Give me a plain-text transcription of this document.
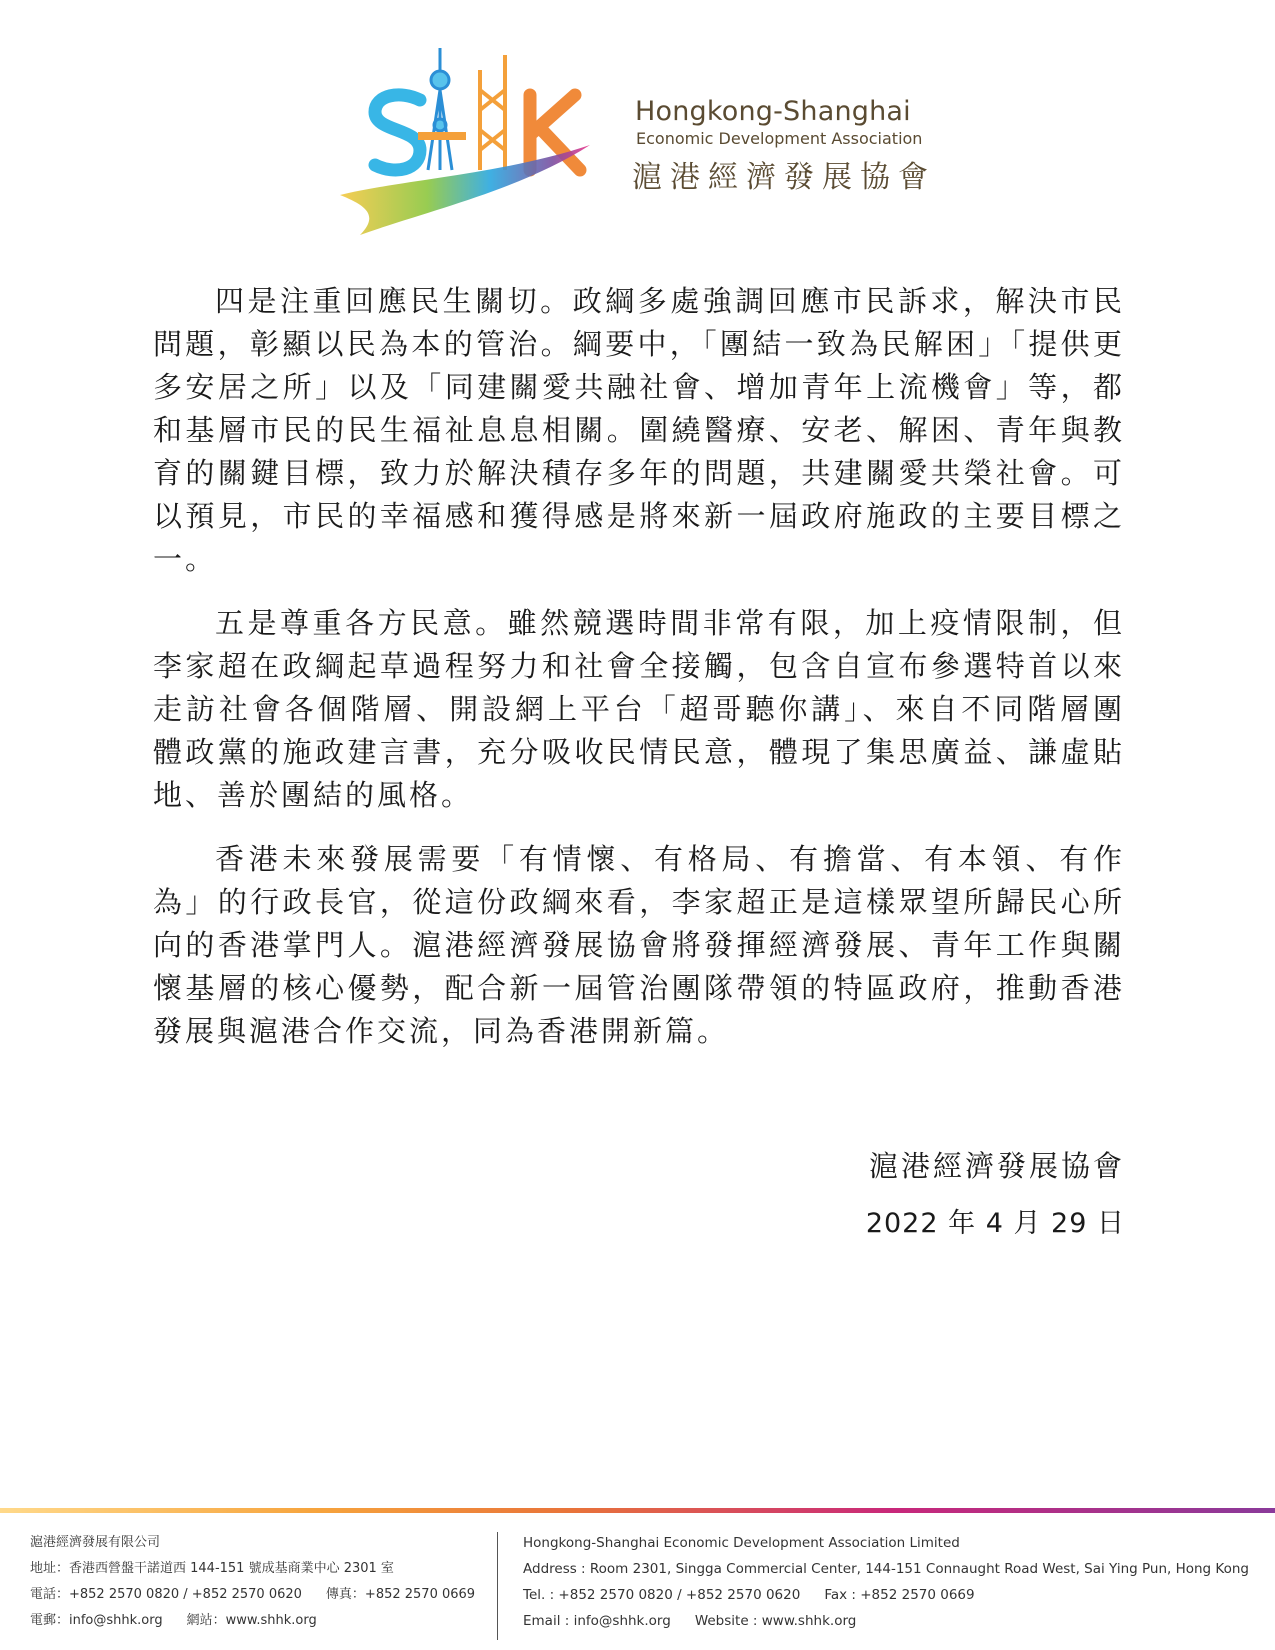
Hongkong-Shanghai
Economic Development Association
滬港經濟發展協會

四是注重回應民生關切。政綱多處強調回應市民訴求，解決市民問題，彰顯以民為本的管治。綱要中，「團結一致為民解困」「提供更多安居之所」以及「同建關愛共融社會、增加青年上流機會」等，都和基層市民的民生福祉息息相關。圍繞醫療、安老、解困、青年與教育的關鍵目標，致力於解決積存多年的問題，共建關愛共榮社會。可以預見，市民的幸福感和獲得感是將來新一屆政府施政的主要目標之一。

五是尊重各方民意。雖然競選時間非常有限，加上疫情限制，但李家超在政綱起草過程努力和社會全接觸，包含自宣布參選特首以來走訪社會各個階層、開設網上平台「超哥聽你講」、來自不同階層團體政黨的施政建言書，充分吸收民情民意，體現了集思廣益、謙虛貼地、善於團結的風格。

香港未來發展需要「有情懷、有格局、有擔當、有本領、有作為」的行政長官，從這份政綱來看，李家超正是這樣眾望所歸民心所向的香港掌門人。滬港經濟發展協會將發揮經濟發展、青年工作與關懷基層的核心優勢，配合新一屆管治團隊帶領的特區政府，推動香港發展與滬港合作交流，同為香港開新篇。

滬港經濟發展協會
2022 年 4 月 29 日
滬港經濟發展有限公司
地址：香港西營盤干諾道西 144-151 號成基商業中心 2301 室
電話：+852 2570 0820 / +852 2570 0620 傳真：+852 2570 0669
電郵：info@shhk.org 網站：www.shhk.org
Hongkong-Shanghai Economic Development Association Limited
Address : Room 2301, Singga Commercial Center, 144-151 Connaught Road West, Sai Ying Pun, Hong Kong
Tel. : +852 2570 0820 / +852 2570 0620 Fax : +852 2570 0669
Email : info@shhk.org Website : www.shhk.org
